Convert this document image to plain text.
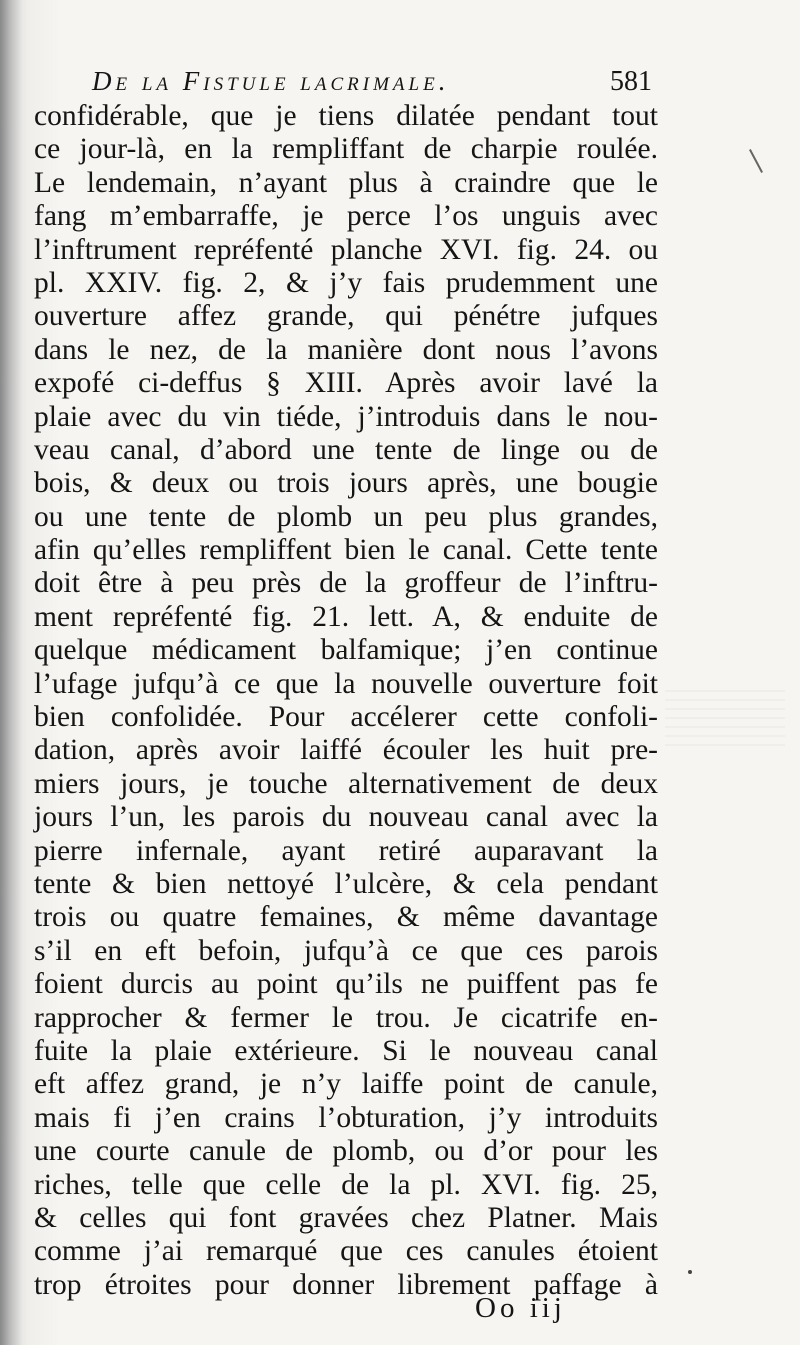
De la Fistule lacrimale.	581
confidérable, que je tiens dilatée pendant tout
ce jour-là, en la rempliffant de charpie roulée.
Le lendemain, n’ayant plus à craindre que le
fang m’embarraffe, je perce l’os unguis avec
l’inftrument repréfenté planche XVI. fig. 24. ou
pl. XXIV. fig. 2, & j’y fais prudemment une
ouverture affez grande, qui pénétre jufques
dans le nez, de la manière dont nous l’avons
expofé ci-deffus § XIII. Après avoir lavé la
plaie avec du vin tiéde, j’introduis dans le nou-
veau canal, d’abord une tente de linge ou de
bois, & deux ou trois jours après, une bougie
ou une tente de plomb un peu plus grandes,
afin qu’elles rempliffent bien le canal. Cette tente
doit être à peu près de la groffeur de l’inftru-
ment repréfenté fig. 21. lett. A, & enduite de
quelque médicament balfamique; j’en continue
l’ufage jufqu’à ce que la nouvelle ouverture foit
bien confolidée. Pour accélerer cette confoli-
dation, après avoir laiffé écouler les huit pre-
miers jours, je touche alternativement de deux
jours l’un, les parois du nouveau canal avec la
pierre infernale, ayant retiré auparavant la
tente & bien nettoyé l’ulcère, & cela pendant
trois ou quatre femaines, & même davantage
s’il en eft befoin, jufqu’à ce que ces parois
foient durcis au point qu’ils ne puiffent pas fe
rapprocher & fermer le trou. Je cicatrife en-
fuite la plaie extérieure. Si le nouveau canal
eft affez grand, je n’y laiffe point de canule,
mais fi j’en crains l’obturation, j’y introduits
une courte canule de plomb, ou d’or pour les
riches, telle que celle de la pl. XVI. fig. 25,
& celles qui font gravées chez Platner. Mais
comme j’ai remarqué que ces canules étoient
trop étroites pour donner librement paffage à
Oo iij
